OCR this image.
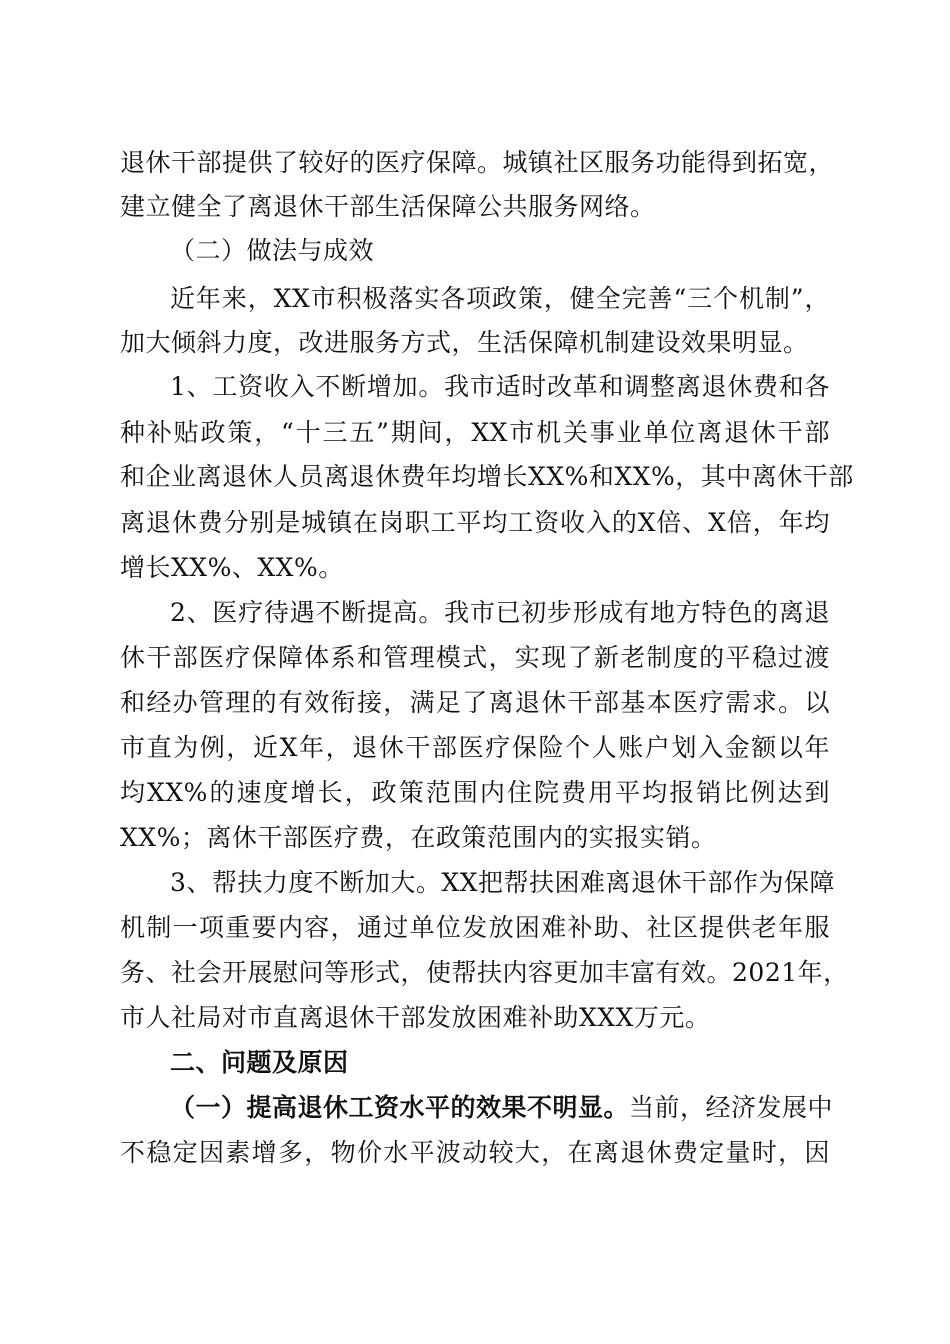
退休干部提供了较好的医疗保障。城镇社区服务功能得到拓宽，
建立健全了离退休干部生活保障公共服务网络。
（二）做法与成效
近年来，XX市积极落实各项政策，健全完善“三个机制”，
加大倾斜力度，改进服务方式，生活保障机制建设效果明显。
1、工资收入不断增加。我市适时改革和调整离退休费和各
种补贴政策，“十三五”期间，XX市机关事业单位离退休干部
和企业离退休人员离退休费年均增长XX%和XX%，其中离休干部
离退休费分别是城镇在岗职工平均工资收入的X倍、X倍，年均
增长XX%、XX%。
2、医疗待遇不断提高。我市已初步形成有地方特色的离退
休干部医疗保障体系和管理模式，实现了新老制度的平稳过渡
和经办管理的有效衔接，满足了离退休干部基本医疗需求。以
市直为例，近X年，退休干部医疗保险个人账户划入金额以年
均XX%的速度增长，政策范围内住院费用平均报销比例达到
XX%；离休干部医疗费，在政策范围内的实报实销。
3、帮扶力度不断加大。XX把帮扶困难离退休干部作为保障
机制一项重要内容，通过单位发放困难补助、社区提供老年服
务、社会开展慰问等形式，使帮扶内容更加丰富有效。2021年，
市人社局对市直离退休干部发放困难补助XXX万元。
二、问题及原因
（一）提高退休工资水平的效果不明显。当前，经济发展中
不稳定因素增多，物价水平波动较大，在离退休费定量时，因
